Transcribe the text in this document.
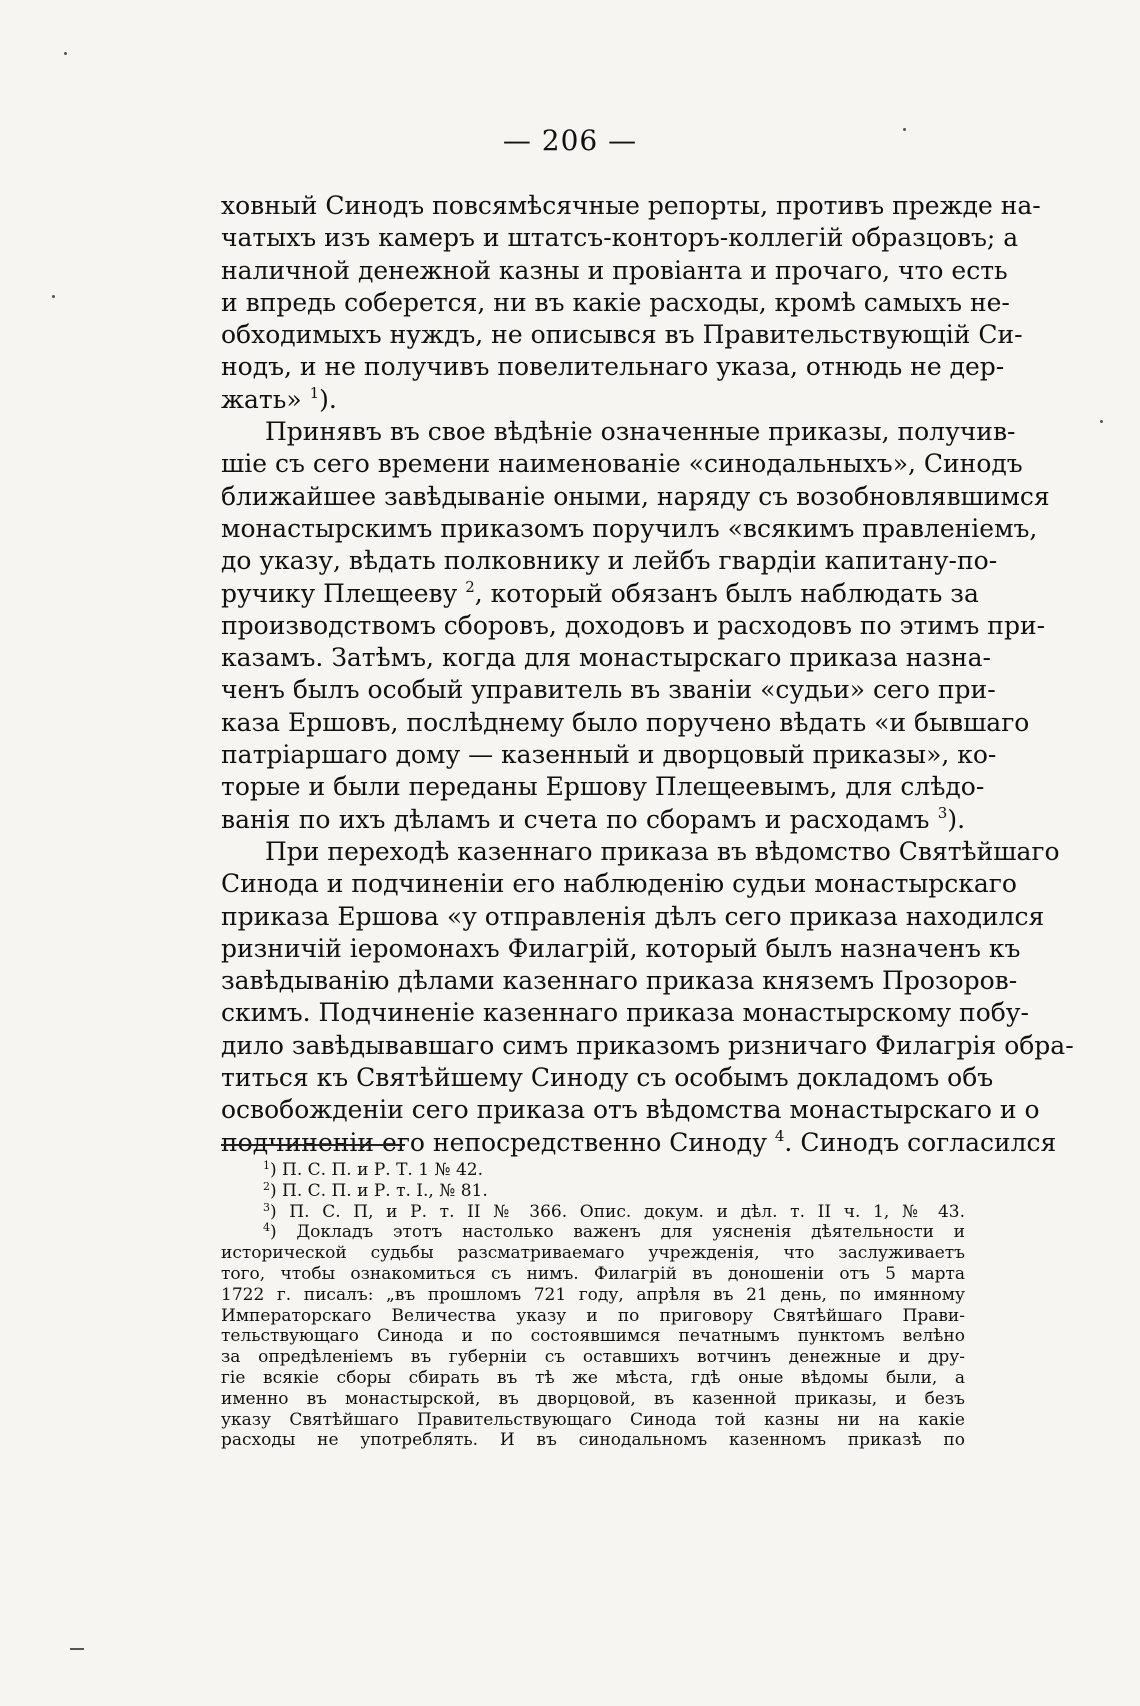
— 206 —
ховный Синодъ повсямѣсячные рeпорты, противъ прежде на-
чатыхъ изъ камеръ и штатсъ-конторъ-коллегій образцовъ; а
наличной денежной казны и провіанта и прочаго, что есть
и впредь соберется, ни въ какіе расходы, кромѣ самыхъ не-
обходимыхъ нуждъ, не описывся въ Правительствующій Си-
нодъ, и не получивъ повелительнаго указа, отнюдь не дер-
жать» $^1$).
Принявъ въ свое вѣдѣніе означенные приказы, получив-
шіе съ сего времени наименованіе «синодальныхъ», Синодъ
ближайшее завѣдываніе оными, наряду съ возобновлявшимся
монастырскимъ приказомъ поручилъ «всякимъ правленіемъ,
до указу, вѣдать полковнику и лейбъ гвардіи капитану-по-
ручику Плещееву $^2$, который обязанъ былъ наблюдать за
производствомъ сборовъ, доходовъ и расходовъ по этимъ при-
казамъ. Затѣмъ, когда для монастырскаго приказа назна-
ченъ былъ особый управитель въ званіи «судьи» сего при-
каза Ершовъ, послѣднему было поручено вѣдать «и бывшаго
патріаршаго дому — казенный и дворцовый приказы», ко-
торые и были переданы Ершову Плещеевымъ, для слѣдо-
ванія по ихъ дѣламъ и счета по сборамъ и расходамъ $^3$).
При переходѣ казеннаго приказа въ вѣдомство Святѣйшаго
Синода и подчиненіи его наблюденію судьи монастырскаго
приказа Ершова «у отправленія дѣлъ сего приказа находился
ризничій іеромонахъ Филагрій, который былъ назначенъ къ
завѣдыванію дѣлами казеннаго приказа княземъ Прозоров-
скимъ. Подчиненіе казеннаго приказа монастырскому побу-
дило завѣдывавшаго симъ приказомъ ризничаго Филагрія обра-
титься къ Святѣйшему Синоду съ особымъ докладомъ объ
освобожденіи сего приказа отъ вѣдомства монастырскаго и о
подчиненіи его непосредственно Синоду $^4$. Синодъ согласился
$^1$) П. С. П. и Р. Т. 1 № 42.
$^2$) П. С. П. и Р. т. I., № 81.
$^3$) П. С. П, и Р. т. II № 366. Опис. докум. и дѣл. т. II ч. 1, № 43.
$^4$) Докладъ этотъ настолько важенъ для уясненія дѣятельности и
исторической судьбы разсматриваемаго учрежденія, что заслуживаетъ
того, чтобы ознакомиться съ нимъ. Филагрій въ доношеніи отъ 5 марта
1722 г. писалъ: „въ прошломъ 721 году, апрѣля въ 21 день, по имянному
Императорскаго Величества указу и по приговору Святѣйшаго Прави-
тельствующаго Синода и по состоявшимся печатнымъ пунктомъ велѣно
за опредѣленіемъ въ губерніи съ оставшихъ вотчинъ денежные и дру-
гіе всякіе сборы сбирать въ тѣ же мѣста, гдѣ оные вѣдомы были, а
именно въ монастырской, въ дворцовой, въ казенной приказы, и безъ
указу Святѣйшаго Правительствующаго Синода той казны ни на какіе
расходы не употреблять. И въ синодальномъ казенномъ приказѣ по
